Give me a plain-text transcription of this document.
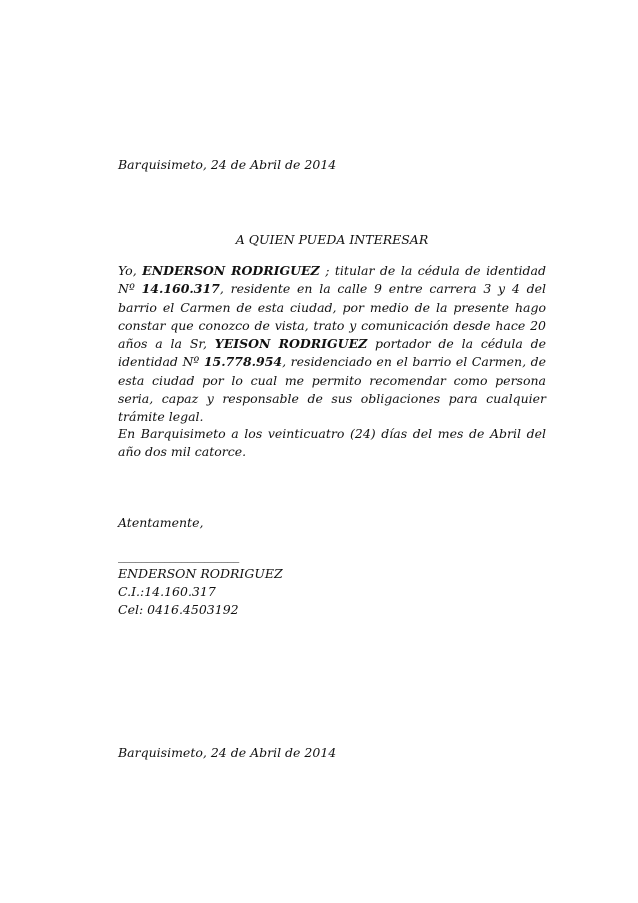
Barquisimeto, 24 de Abril de 2014
A QUIEN PUEDA INTERESAR
Yo, ENDERSON RODRIGUEZ ; titular de la cédula de identidad Nº 14.160.317, residente en la calle 9 entre carrera 3 y 4 del barrio el Carmen de esta ciudad, por medio de la presente hago constar que conozco de vista, trato y comunicación desde hace 20 años a la Sr, YEISON RODRIGUEZ portador de la cédula de identidad Nº 15.778.954, residenciado en el barrio el Carmen, de esta ciudad por lo cual me permito recomendar como persona seria, capaz y responsable de sus obligaciones para cualquier trámite legal.
En Barquisimeto a los veinticuatro (24) días del mes de Abril del año dos mil catorce.
Atentamente,
_____________________
ENDERSON RODRIGUEZ
C.I.:14.160.317
Cel: 0416.4503192
Barquisimeto, 24 de Abril de 2014
